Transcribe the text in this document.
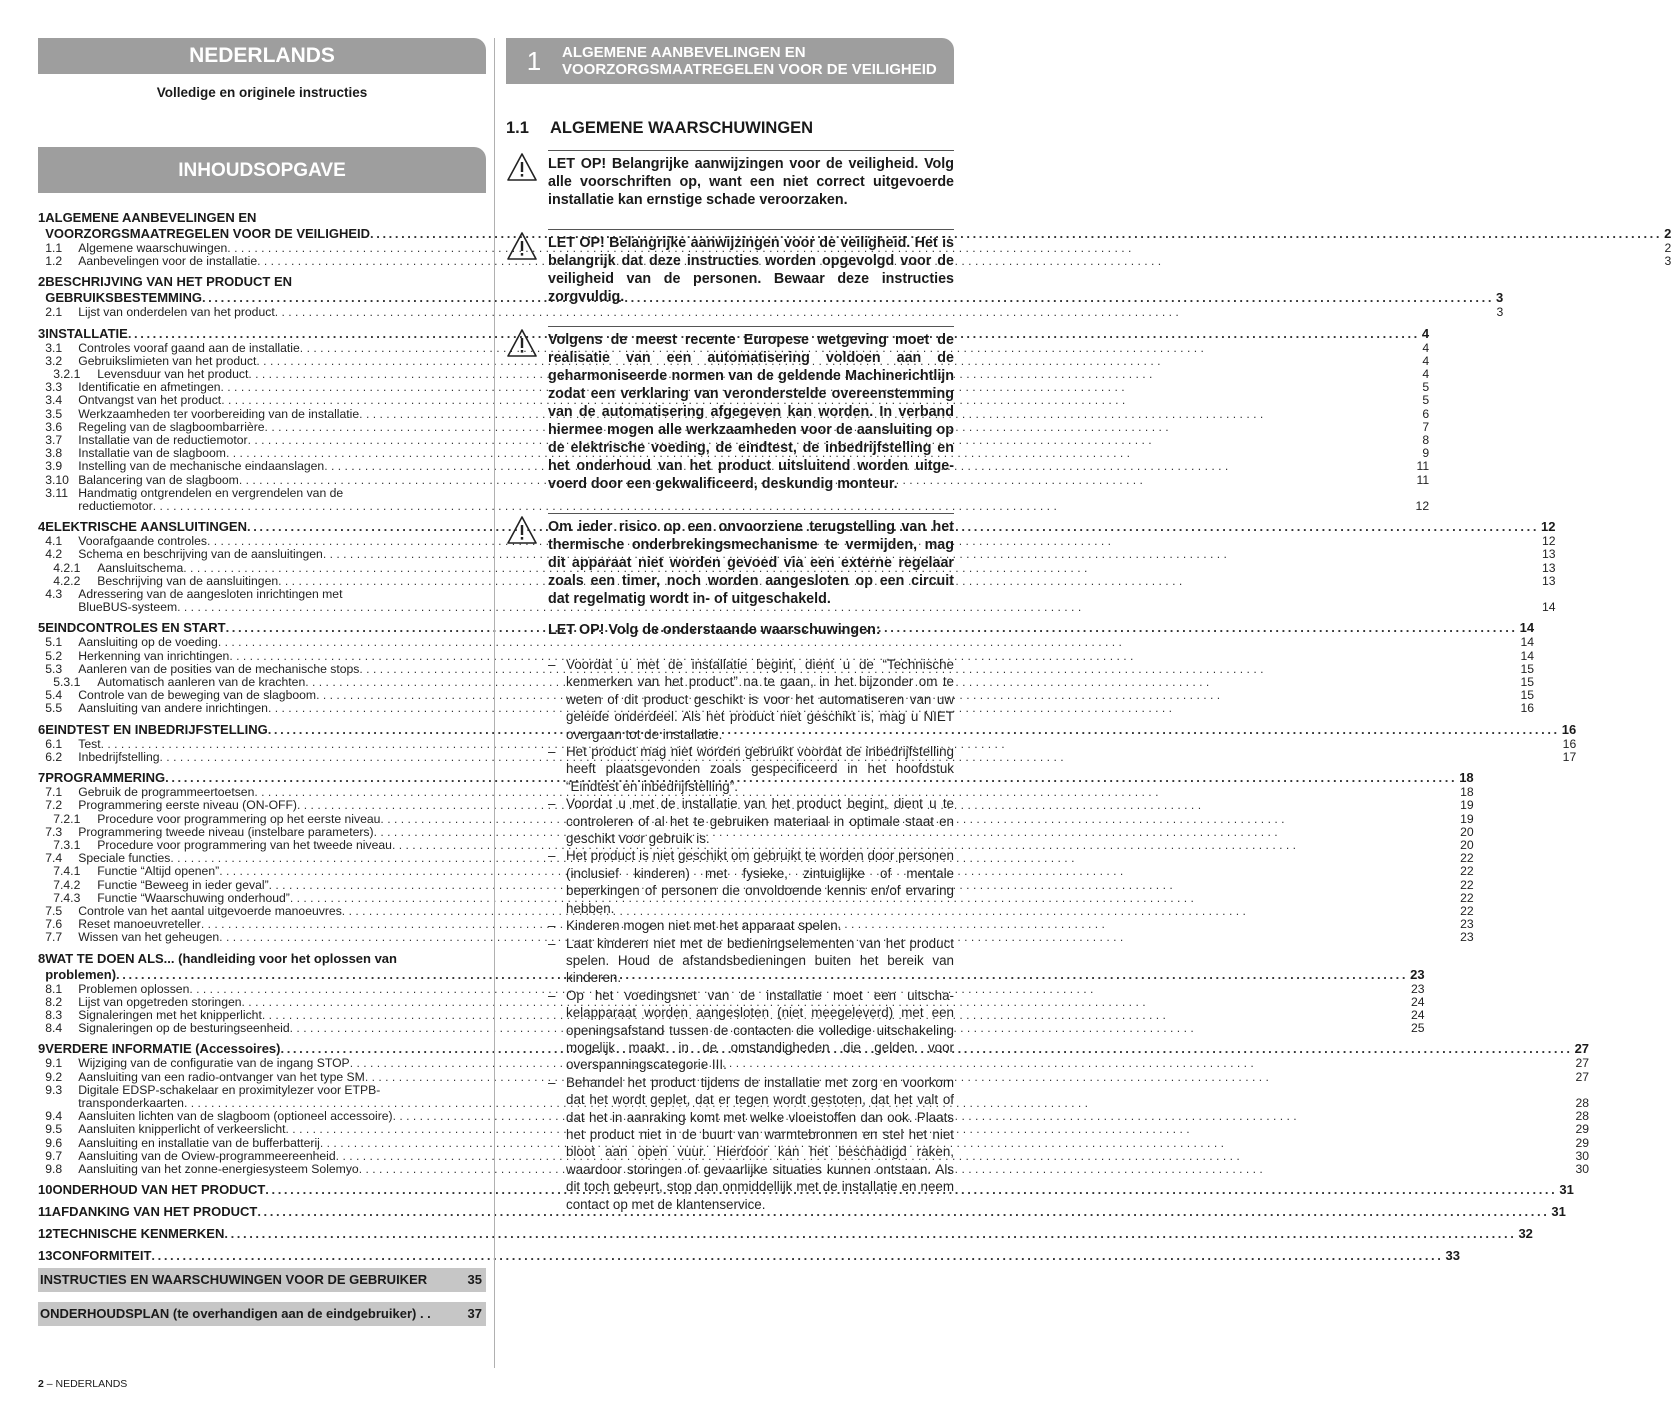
NEDERLANDS
Volledige en originele instructies
INHOUDSOPGAVE
1 ALGEMENE AANBEVELINGEN EN
VOORZORGSMAATREGELEN VOOR DE VEILIGHEID .....	2
1.1	Algemene waarschuwingen . . .	2
1.2	Aanbevelingen voor de installatie . . .	3
2 BESCHRIJVING VAN HET PRODUCT EN
GEBRUIKSBESTEMMING .....	3
2.1	Lijst van onderdelen van het product . . .	3
3 INSTALLATIE .....	4
3.1	Controles vooraf gaand aan de installatie . . .	4
3.2	Gebruikslimieten van het product . . .	4
3.2.1	Levensduur van het product . . .	4
3.3	Identificatie en afmetingen . . .	5
3.4	Ontvangst van het product . . .	5
3.5	Werkzaamheden ter voorbereiding van de installatie . . .	6
3.6	Regeling van de slagboombarrière . . .	7
3.7	Installatie van de reductiemotor . . .	8
3.8	Installatie van de slagboom . . .	9
3.9	Instelling van de mechanische eindaanslagen . . .	11
3.10 Balancering van de slagboom . . .	11
3.11 Handmatig ontgrendelen en vergrendelen van de
reductiemotor . . .	12
4 ELEKTRISCHE AANSLUITINGEN .....	12
4.1	Voorafgaande controles . . .	12
4.2	Schema en beschrijving van de aansluitingen . . .	13
4.2.1	Aansluitschema . . .	13
4.2.2	Beschrijving van de aansluitingen . . .	13
4.3	Adressering van de aangesloten inrichtingen met
BlueBUS-systeem . . .	14
5 EINDCONTROLES EN START .....	14
5.1	Aansluiting op de voeding . . .	14
5.2	Herkenning van inrichtingen . . .	14
5.3	Aanleren van de posities van de mechanische stops . . .	15
5.3.1	Automatisch aanleren van de krachten . . .	15
5.4	Controle van de beweging van de slagboom . . .	15
5.5	Aansluiting van andere inrichtingen . . .	16
6 EINDTEST EN INBEDRIJFSTELLING .....	16
6.1	Test . . .	16
6.2	Inbedrijfstelling . . .	17
7 PROGRAMMERING .....	18
7.1	Gebruik de programmeertoetsen . . .	18
7.2	Programmering eerste niveau (ON-OFF) . . .	19
7.2.1	Procedure voor programmering op het eerste niveau . . .	19
7.3	Programmering tweede niveau (instelbare parameters) . . .	20
7.3.1	Procedure voor programmering van het tweede niveau . . .	20
7.4	Speciale functies . . .	22
7.4.1	Functie “Altijd openen” . . .	22
7.4.2	Functie “Beweeg in ieder geval” . . .	22
7.4.3	Functie “Waarschuwing onderhoud” . . .	22
7.5	Controle van het aantal uitgevoerde manoeuvres . . .	22
7.6	Reset manoeuvreteller . . .	23
7.7	Wissen van het geheugen . . .	23
8 WAT TE DOEN ALS... (handleiding voor het oplossen van
problemen) .....	23
8.1	Problemen oplossen . . .	23
8.2	Lijst van opgetreden storingen . . .	24
8.3	Signaleringen met het knipperlicht . . .	24
8.4	Signaleringen op de besturingseenheid . . .	25
9 VERDERE INFORMATIE (Accessoires) .....	27
9.1	Wijziging van de configuratie van de ingang STOP . . .	27
9.2	Aansluiting van een radio-ontvanger van het type SM . . .	27
9.3	Digitale EDSP-schakelaar en proximitylezer voor ETPB-
transponderkaarten . . .	28
9.4	Aansluiten lichten van de slagboom (optioneel accessoire) . . .	28
9.5	Aansluiten knipperlicht of verkeerslicht . . .	29
9.6	Aansluiting en installatie van de bufferbatterij . . .	29
9.7	Aansluiting van de Oview-programmeereenheid . . .	30
9.8	Aansluiting van het zonne-energiesysteem Solemyo . . .	30
10 ONDERHOUD VAN HET PRODUCT .....	31
11 AFDANKING VAN HET PRODUCT .....	31
12 TECHNISCHE KENMERKEN .....	32
13 CONFORMITEIT .....	33
INSTRUCTIES EN WAARSCHUWINGEN VOOR DE GEBRUIKER	35
ONDERHOUDSPLAN (te overhandigen aan de eindgebruiker) . .	37
1	ALGEMENE AANBEVELINGEN EN
VOORZORGSMAATREGELEN VOOR DE VEILIGHEID
1.1	ALGEMENE WAARSCHUWINGEN
LET OP! Belangrijke aanwijzingen voor de veiligheid. Volg alle voorschriften op, want een niet correct uitgevoerde installatie kan ernstige schade veroorzaken.
LET OP! Belangrijke aanwijzingen voor de veiligheid. Het is belangrijk dat deze instructies worden opgevolgd voor de veiligheid van de personen. Bewaar deze instructies zorgvuldig.
Volgens de meest recente Europese wetgeving moet de realisatie van een automatisering voldoen aan de geharmoniseerde normen van de geldende Machinerichtlijn zodat een verklaring van veronderstelde overeenstemming van de automatisering afgegeven kan worden. In verband hiermee mogen alle werkzaamheden voor de aansluiting op de elektrische voeding, de eindtest, de inbedrijfstelling en het onderhoud van het product uitsluitend worden uitgevoerd door een gekwalificeerd, deskundig monteur.
Om ieder risico op een onvoorziene terugstelling van het thermische onderbrekingsmechanisme te vermijden, mag dit apparaat niet worden gevoed via een externe regelaar zoals een timer, noch worden aangesloten op een circuit dat regelmatig wordt in- of uitgeschakeld.
LET OP! Volg de onderstaande waarschuwingen:
– Voordat u met de installatie begint, dient u de “Technische kenmerken van het product” na te gaan, in het bijzonder om te weten of dit product geschikt is voor het automatiseren van uw geleide onderdeel. Als het product niet geschikt is, mag u NIET overgaan tot de installatie.
– Het product mag niet worden gebruikt voordat de inbedrijfstelling heeft plaatsgevonden zoals gespecificeerd in het hoofdstuk “Eindtest en inbedrijfstelling”.
– Voordat u met de installatie van het product begint, dient u te controleren of al het te gebruiken materiaal in optimale staat en geschikt voor gebruik is.
– Het product is niet geschikt om gebruikt te worden door personen (inclusief kinderen) met fysieke, zintuiglijke of mentale beperkingen of personen die onvoldoende kennis en/of ervaring hebben.
– Kinderen mogen niet met het apparaat spelen.
– Laat kinderen niet met de bedieningselementen van het product spelen. Houd de afstandsbedieningen buiten het bereik van kinderen.
– Op het voedingsnet van de installatie moet een uitschakelapparaat worden aangesloten (niet meegeleverd) met een openingsafstand tussen de contacten die volledige uitschakeling mogelijk maakt in de omstandigheden die gelden voor overspanningscategorie III.
– Behandel het product tijdens de installatie met zorg en voorkom dat het wordt geplet, dat er tegen wordt gestoten, dat het valt of dat het in aanraking komt met welke vloeistoffen dan ook. Plaats het product niet in de buurt van warmtebronnen en stel het niet bloot aan open vuur. Hierdoor kan het beschadigd raken, waardoor storingen of gevaarlijke situaties kunnen ontstaan. Als dit toch gebeurt, stop dan onmiddellijk met de installatie en neem contact op met de klantenservice.
2 – NEDERLANDS
